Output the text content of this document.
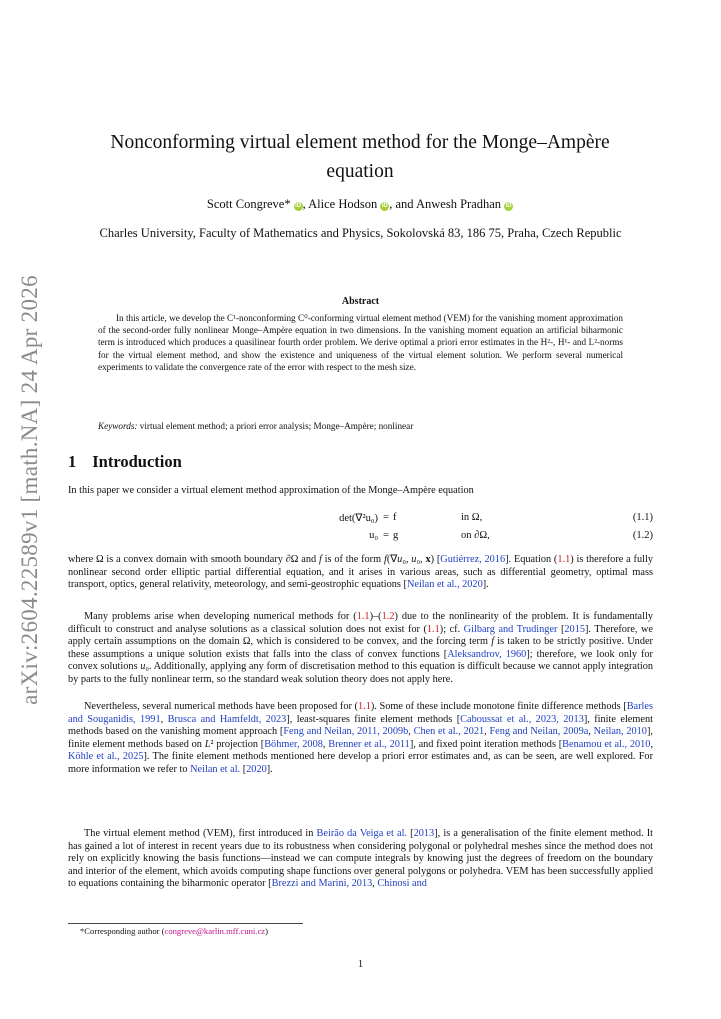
arXiv:2604.22589v1 [math.NA] 24 Apr 2026
Nonconforming virtual element method for the Monge–Ampère equation
Scott Congreve* iD , Alice Hodson iD , and Anwesh Pradhan iD
Charles University, Faculty of Mathematics and Physics, Sokolovská 83, 186 75, Praha, Czech Republic
Abstract
In this article, we develop the C¹-nonconforming C⁰-conforming virtual element method (VEM) for the vanishing moment approximation of the second-order fully nonlinear Monge–Ampère equation in two dimensions. In the vanishing moment equation an artificial biharmonic term is introduced which produces a quasilinear fourth order problem. We derive optimal a priori error estimates in the H²-, H¹- and L²-norms for the virtual element method, and show the existence and uniqueness of the virtual element solution. We perform several numerical experiments to validate the convergence rate of the error with respect to the mesh size.
Keywords: virtual element method; a priori error analysis; Monge–Ampère; nonlinear
1 Introduction
In this paper we consider a virtual element method approximation of the Monge–Ampère equation
det(∇²u₀) = f	in Ω,	(1.1)
u₀ = g	on ∂Ω,	(1.2)
where Ω is a convex domain with smooth boundary ∂Ω and f is of the form f(∇u₀, u₀, x) [Gutiérrez, 2016]. Equation (1.1) is therefore a fully nonlinear second order elliptic partial differential equation, and it arises in various areas, such as differential geometry, optimal mass transport, optics, general relativity, meteorology, and semi-geostrophic equations [Neilan et al., 2020].
Many problems arise when developing numerical methods for (1.1)–(1.2) due to the nonlinearity of the problem. It is fundamentally difficult to construct and analyse solutions as a classical solution does not exist for (1.1); cf. Gilbarg and Trudinger [2015]. Therefore, we apply certain assumptions on the domain Ω, which is considered to be convex, and the forcing term f is taken to be strictly positive. Under these assumptions a unique solution exists that falls into the class of convex functions [Aleksandrov, 1960]; therefore, we look only for convex solutions u₀. Additionally, applying any form of discretisation method to this equation is difficult because we cannot apply integration by parts to the fully nonlinear term, so the standard weak solution theory does not apply here.
Nevertheless, several numerical methods have been proposed for (1.1). Some of these include monotone finite difference methods [Barles and Souganidis, 1991, Brusca and Hamfeldt, 2023], least-squares finite element methods [Caboussat et al., 2023, 2013], finite element methods based on the vanishing moment approach [Feng and Neilan, 2011, 2009b, Chen et al., 2021, Feng and Neilan, 2009a, Neilan, 2010], finite element methods based on L² projection [Böhmer, 2008, Brenner et al., 2011], and fixed point iteration methods [Benamou et al., 2010, Köhle et al., 2025]. The finite element methods mentioned here develop a priori error estimates and, as can be seen, are well explored. For more information we refer to Neilan et al. [2020].
The virtual element method (VEM), first introduced in Beirão da Veiga et al. [2013], is a generalisation of the finite element method. It has gained a lot of interest in recent years due to its robustness when considering polygonal or polyhedral meshes since the method does not rely on explicitly knowing the basis functions—instead we can compute integrals by knowing just the degrees of freedom on the boundary and interior of the element, which avoids computing shape functions over general polygons or polyhedra. VEM has been successfully applied to equations containing the biharmonic operator [Brezzi and Marini, 2013, Chinosi and
*Corresponding author (congreve@karlin.mff.cuni.cz)
1
